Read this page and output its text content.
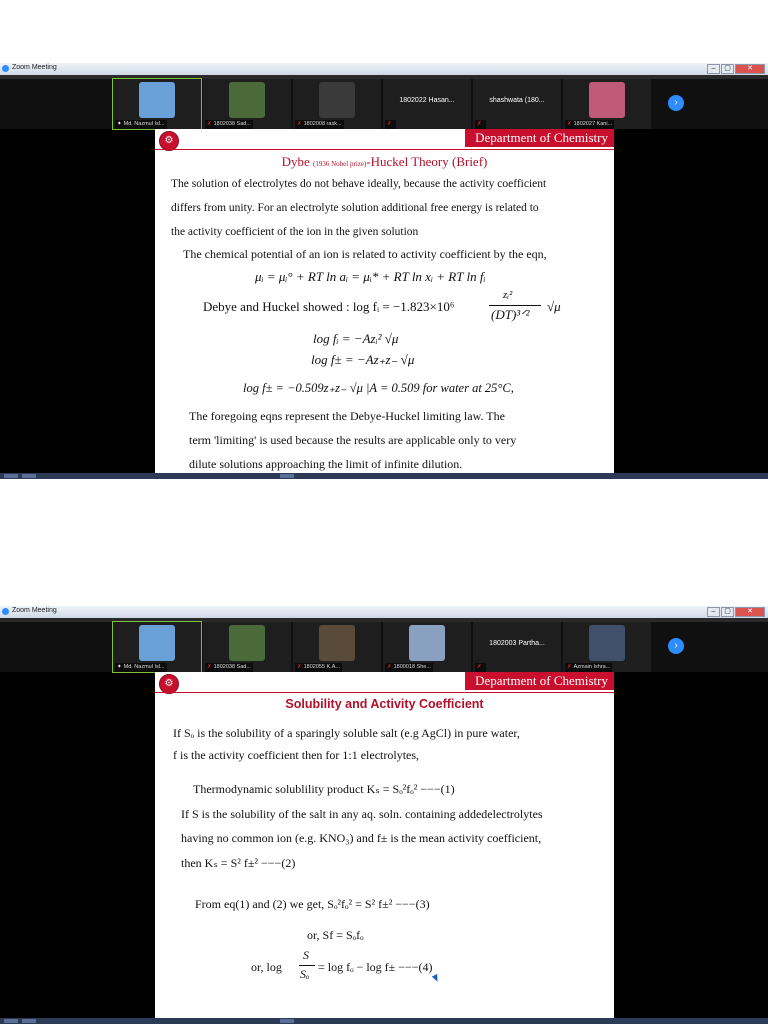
Zoom Meeting	–	▢	✕
✦ Md. Nazmul Isl...	✗ 1802038 Sad...	✗ 1802008 rask...
1802022 Hasan...
✗
shashwata (180...
✗	✗ 1802027 Kani...
›
⚙	Department of Chemistry
Dybe (1936 Nobel prize)-Huckel Theory (Brief)
The solution of electrolytes do not behave ideally, because the activity coefficient
differs from unity. For an electrolyte solution additional free energy is related to
the activity coefficient of the ion in the given solution
The chemical potential of an ion is related to activity coefficient by the eqn,
μᵢ = μᵢ° + RT ln aᵢ = μᵢ* + RT ln xᵢ + RT ln fᵢ
Debye and Huckel showed : log fᵢ = −1.823×10⁶
zᵢ²
(DT)³ᐟ²
√μ
log fᵢ = −Azᵢ² √μ
log f± = −Az₊z₋ √μ
log f± = −0.509z₊z₋ √μ |A = 0.509 for water at 25°C,
The foregoing eqns represent the Debye-Huckel limiting law. The
term 'limiting' is used because the results are applicable only to very
dilute solutions approaching the limit of infinite dilution.
Zoom Meeting	–	▢	✕
✦ Md. Nazmul Isl...	✗ 1802038 Sad...	✗ 1802055 K.A...	✗ 1800018 She...
1802003 Partha...
✗	✗ Azmain Ishra...
›
⚙	Department of Chemistry
Solubility and Activity Coefficient
If Sₒ is the solubility of a sparingly soluble salt (e.g AgCl) in pure water,
f is the activity coefficient then for 1:1 electrolytes,
Thermodynamic solublility product Kₛ = Sₒ²fₒ² −−−(1)
If S is the solubility of the salt in any aq. soln. containing addedelectrolytes
having no common ion (e.g. KNO₃) and f± is the mean activity coefficient,
then Kₛ = S² f±² −−−(2)
From eq(1) and (2) we get, Sₒ²fₒ² = S² f±² −−−(3)
or, Sf = Sₒfₒ
or, log
S
Sₒ = log fₒ − log f± −−−(4)
